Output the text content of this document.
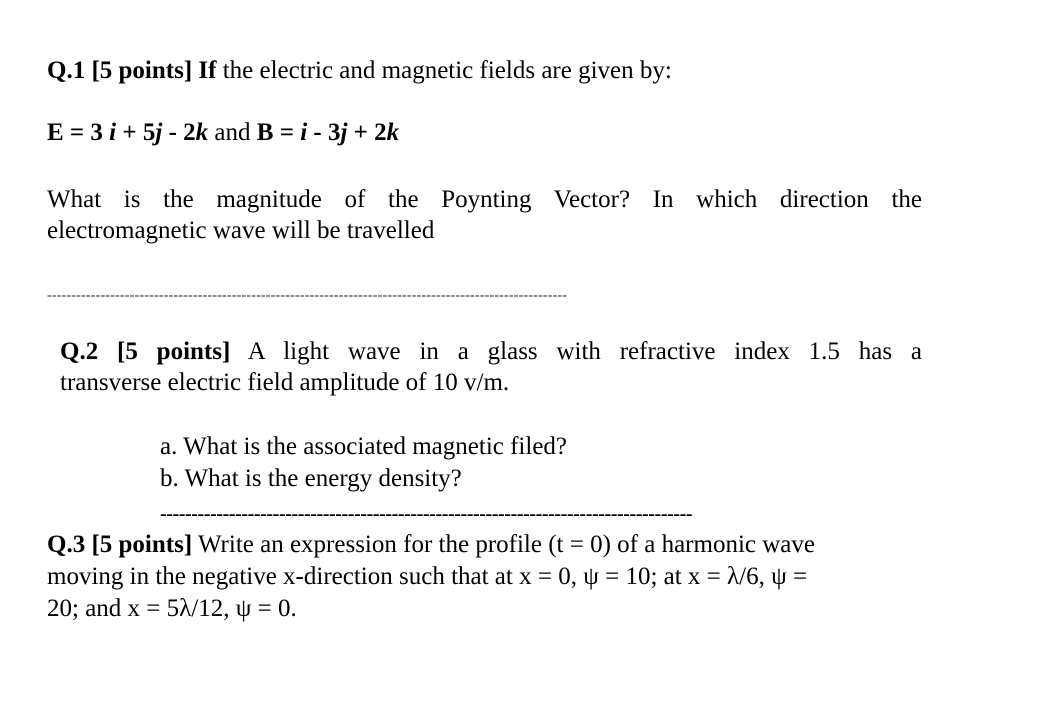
Q.1 [5 points] If the electric and magnetic fields are given by:
E = 3 i + 5j - 2k and B = i - 3j + 2k
What is the magnitude of the Poynting Vector? In which direction the
electromagnetic wave will be travelled
-----------------------------------------------------------------------------------------------------------
Q.2 [5 points] A light wave in a glass with refractive index 1.5 has a
transverse electric field amplitude of 10 v/m.
a. What is the associated magnetic filed?
b. What is the energy density?
-------------------------------------------------------------------------------------
Q.3 [5 points] Write an expression for the profile (t = 0) of a harmonic wave
moving in the negative x-direction such that at x = 0, ψ = 10; at x = λ/6, ψ =
20; and x = 5λ/12, ψ = 0.
